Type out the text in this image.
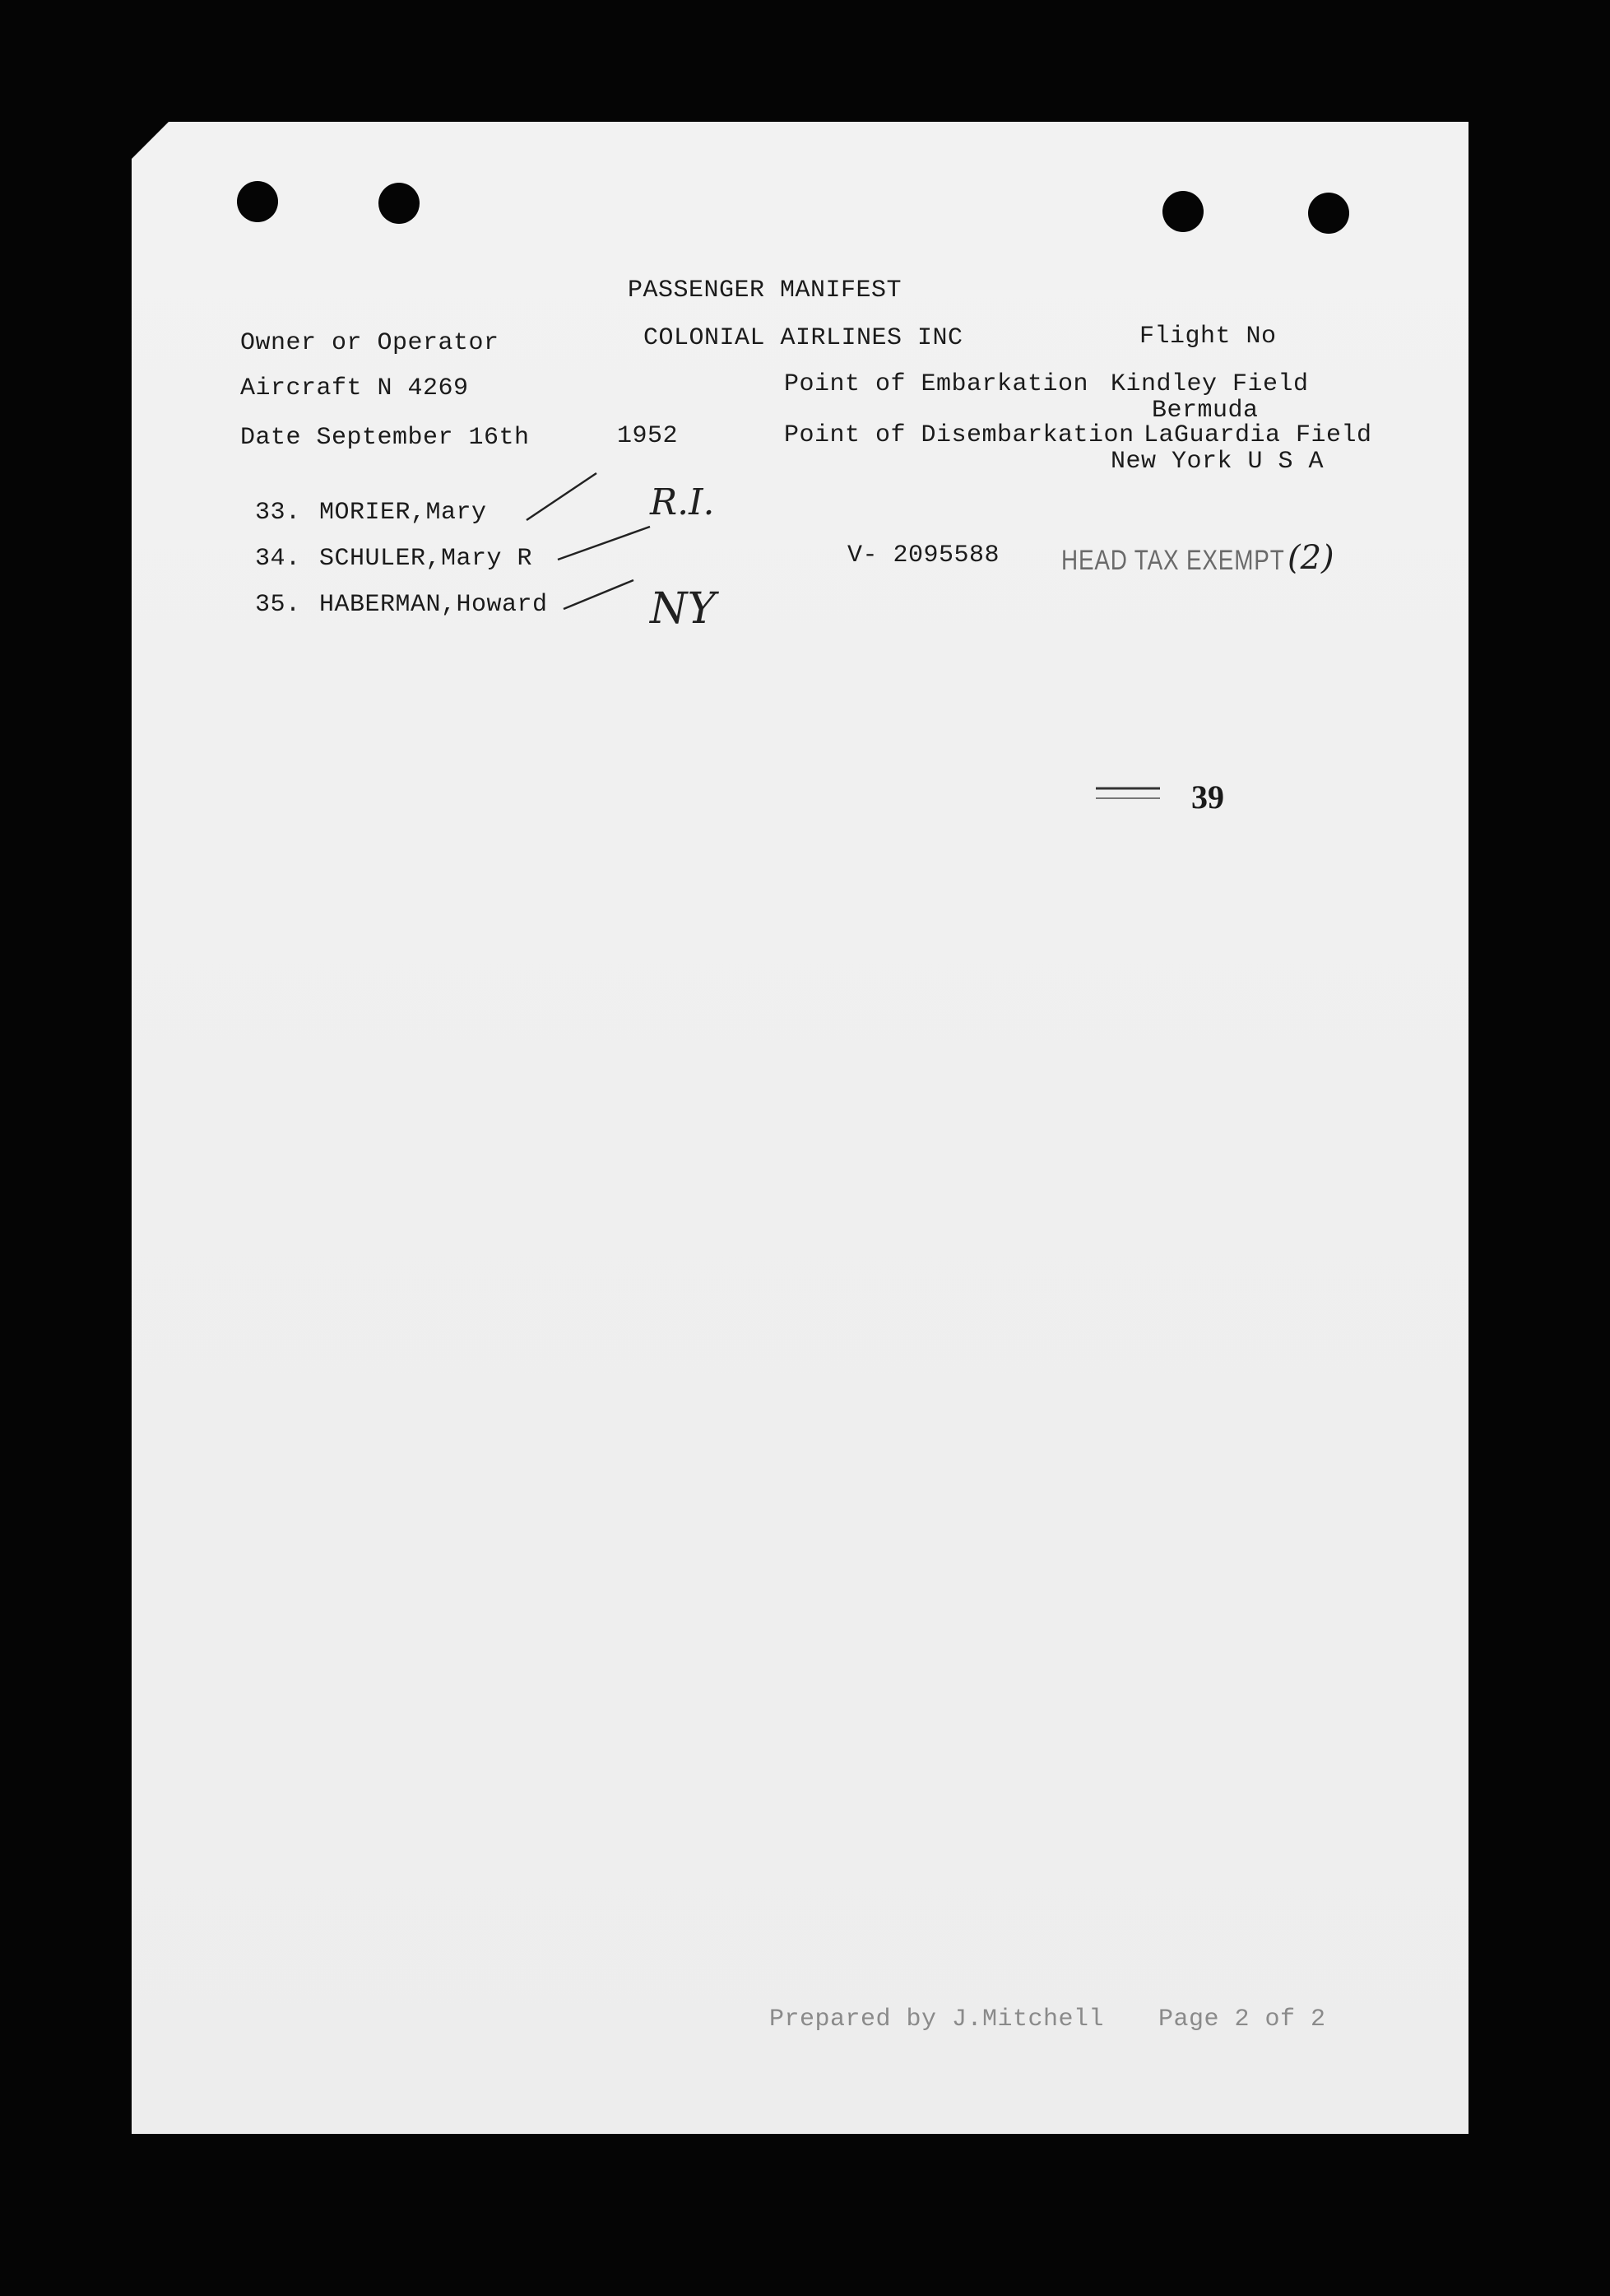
PASSENGER MANIFEST
Owner or Operator	COLONIAL AIRLINES INC	Flight No
Aircraft N 4269	Point of Embarkation Kindley Field
Bermuda
Date September 16th	1952	Point of Disembarkation LaGuardia Field
New York U S A
33. MORIER,Mary	R.I.
34. SCHULER,Mary R	V- 2095588 HEAD TAX EXEMPT (2)
35. HABERMAN,Howard NY
39
Prepared by J.Mitchell Page 2 of 2
